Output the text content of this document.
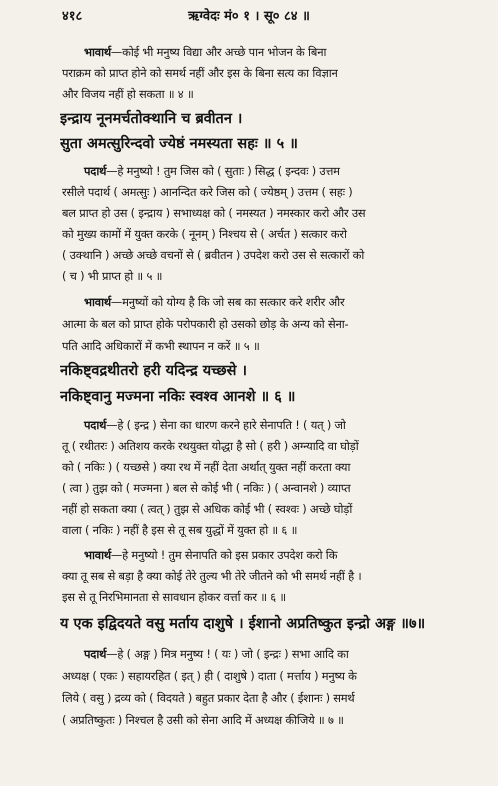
४१८	ऋग्वेदः मं० १ । सू० ८४ ॥
भावार्थ—कोई भी मनुष्य विद्या और अच्छे पान भोजन के बिना
पराक्रम को प्राप्त होने को समर्थ नहीं और इस के बिना सत्य का विज्ञान
और विजय नहीं हो सकता ॥ ४ ॥
इन्द्राय नूनमर्चतोक्थानि च ब्रवीतन ।
सुता अमत्सुरिन्दवो ज्येष्ठं नमस्यता सहः ॥ ५ ॥
पदार्थ—हे मनुष्यो ! तुम जिस को ( सुताः ) सिद्ध ( इन्दवः ) उत्तम
रसीले पदार्थ ( अमत्सुः ) आनन्दित करे जिस को ( ज्येष्ठम् ) उत्तम ( सहः )
बल प्राप्त हो उस ( इन्द्राय ) सभाध्यक्ष को ( नमस्यत ) नमस्कार करो और उस
को मुख्य कामों में युक्त करके ( नूनम् ) निश्चय से ( अर्चत ) सत्कार करो
( उक्थानि ) अच्छे अच्छे वचनों से ( ब्रवीतन ) उपदेश करो उस से सत्कारों को
( च ) भी प्राप्त हो ॥ ५ ॥
भावार्थ—मनुष्यों को योग्य है कि जो सब का सत्कार करे शरीर और
आत्मा के बल को प्राप्त होके परोपकारी हो उसको छोड़ के अन्य को सेना-
पति आदि अधिकारों में कभी स्थापन न करें ॥ ५ ॥
नकिष्ट्वद्रथीतरो हरी यदिन्द्र यच्छसे ।
नकिष्ट्वानु मज्मना नकिः स्वश्व आनशे ॥ ६ ॥
पदार्थ—हे ( इन्द्र ) सेना का धारण करने हारे सेनापति ! ( यत् ) जो
तू ( रथीतरः ) अतिशय करके रथयुक्त योद्धा है सो ( हरी ) अग्न्यादि वा घोड़ों
को ( नकिः ) ( यच्छसे ) क्या रथ में नहीं देता अर्थात् युक्त नहीं करता क्या
( त्वा ) तुझ को ( मज्मना ) बल से कोई भी ( नकिः ) ( अन्वानशे ) व्याप्त
नहीं हो सकता क्या ( त्वत् ) तुझ से अधिक कोई भी ( स्वश्वः ) अच्छे घोड़ों
वाला ( नकिः ) नहीं है इस से तू सब युद्धों में युक्त हो ॥ ६ ॥
भावार्थ—हे मनुष्यो ! तुम सेनापति को इस प्रकार उपदेश करो कि
क्या तू सब से बड़ा है क्या कोई तेरे तुल्य भी तेरे जीतने को भी समर्थ नहीं है ।
इस से तू निरभिमानता से सावधान होकर वर्त्ता कर ॥ ६ ॥
य एक इद्विदयते वसु मर्ताय दाशुषे । ईशानो अप्रतिष्कुत इन्द्रो अङ्ग ॥७॥
पदार्थ—हे ( अङ्ग ) मित्र मनुष्य ! ( यः ) जो ( इन्द्रः ) सभा आदि का
अध्यक्ष ( एकः ) सहायरहित ( इत् ) ही ( दाशुषे ) दाता ( मर्त्ताय ) मनुष्य के
लिये ( वसु ) द्रव्य को ( विदयते ) बहुत प्रकार देता है और ( ईशानः ) समर्थ
( अप्रतिष्कुतः ) निश्चल है उसी को सेना आदि में अध्यक्ष कीजिये ॥ ७ ॥
